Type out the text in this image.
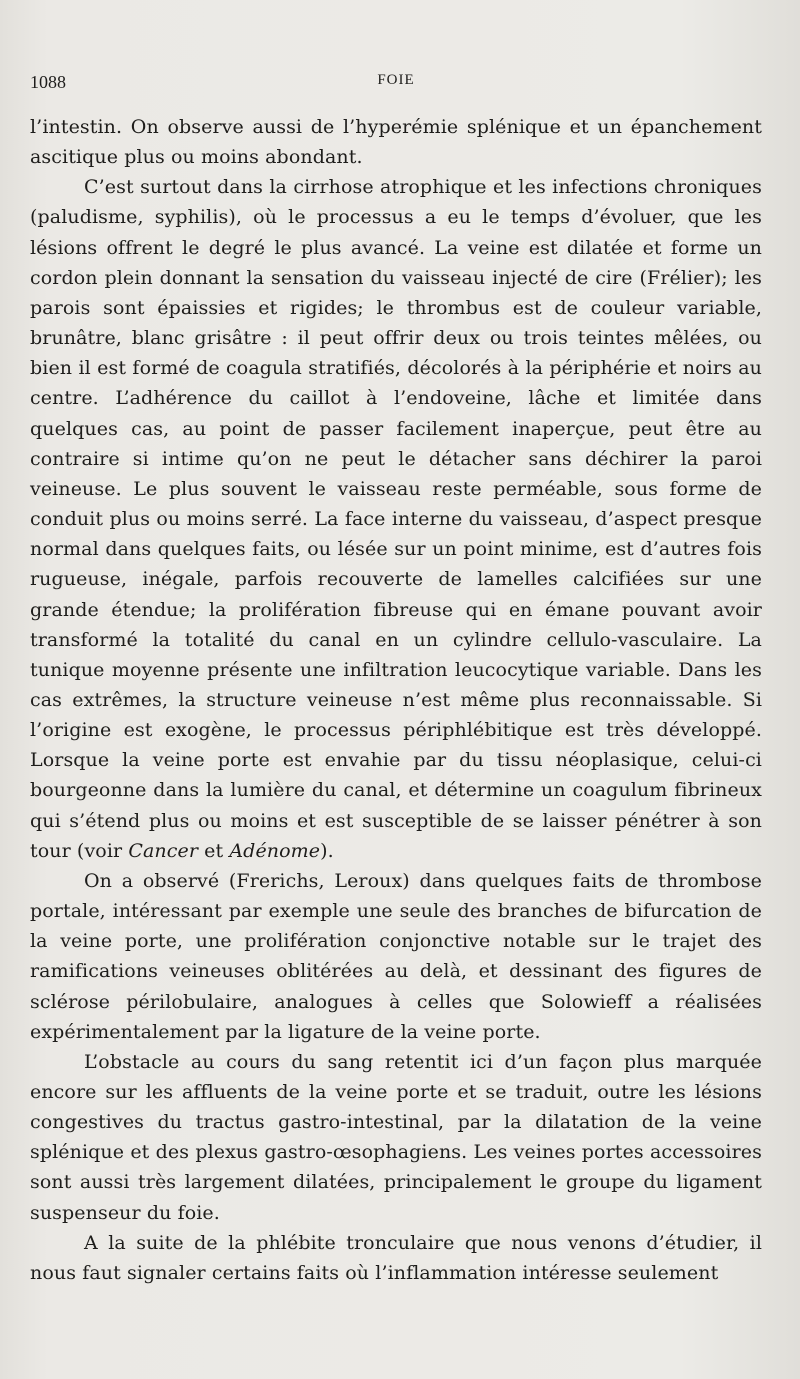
1088	FOIE

l’intestin. On observe aussi de l’hyperémie splénique et un épanchement ascitique plus ou moins abondant.

C’est surtout dans la cirrhose atrophique et les infections chroniques (paludisme, syphilis), où le processus a eu le temps d’évoluer, que les lésions offrent le degré le plus avancé. La veine est dilatée et forme un cordon plein donnant la sensation du vaisseau injecté de cire (Frélier); les parois sont épaissies et rigides; le thrombus est de couleur variable, brunâtre, blanc grisâtre : il peut offrir deux ou trois teintes mêlées, ou bien il est formé de coagula stratifiés, décolorés à la périphérie et noirs au centre. L’adhérence du caillot à l’endoveine, lâche et limitée dans quelques cas, au point de passer facilement inaperçue, peut être au contraire si intime qu’on ne peut le détacher sans déchirer la paroi veineuse. Le plus souvent le vaisseau reste perméable, sous forme de conduit plus ou moins serré. La face interne du vaisseau, d’aspect presque normal dans quelques faits, ou lésée sur un point minime, est d’autres fois rugueuse, inégale, parfois recouverte de lamelles calcifiées sur une grande étendue; la prolifération fibreuse qui en émane pouvant avoir transformé la totalité du canal en un cylindre cellulo-vasculaire. La tunique moyenne présente une infiltration leucocytique variable. Dans les cas extrêmes, la structure veineuse n’est même plus reconnaissable. Si l’origine est exogène, le processus périphlébitique est très développé. Lorsque la veine porte est envahie par du tissu néoplasique, celui-ci bourgeonne dans la lumière du canal, et détermine un coagulum fibrineux qui s’étend plus ou moins et est susceptible de se laisser pénétrer à son tour (voir Cancer et Adénome).

On a observé (Frerichs, Leroux) dans quelques faits de thrombose portale, intéressant par exemple une seule des branches de bifurcation de la veine porte, une prolifération conjonctive notable sur le trajet des ramifications veineuses oblitérées au delà, et dessinant des figures de sclérose périlobulaire, analogues à celles que Solowieff a réalisées expérimentalement par la ligature de la veine porte.

L’obstacle au cours du sang retentit ici d’un façon plus marquée encore sur les affluents de la veine porte et se traduit, outre les lésions congestives du tractus gastro-intestinal, par la dilatation de la veine splénique et des plexus gastro-œsophagiens. Les veines portes accessoires sont aussi très largement dilatées, principalement le groupe du ligament suspenseur du foie.

A la suite de la phlébite tronculaire que nous venons d’étudier, il nous faut signaler certains faits où l’inflammation intéresse seulement
